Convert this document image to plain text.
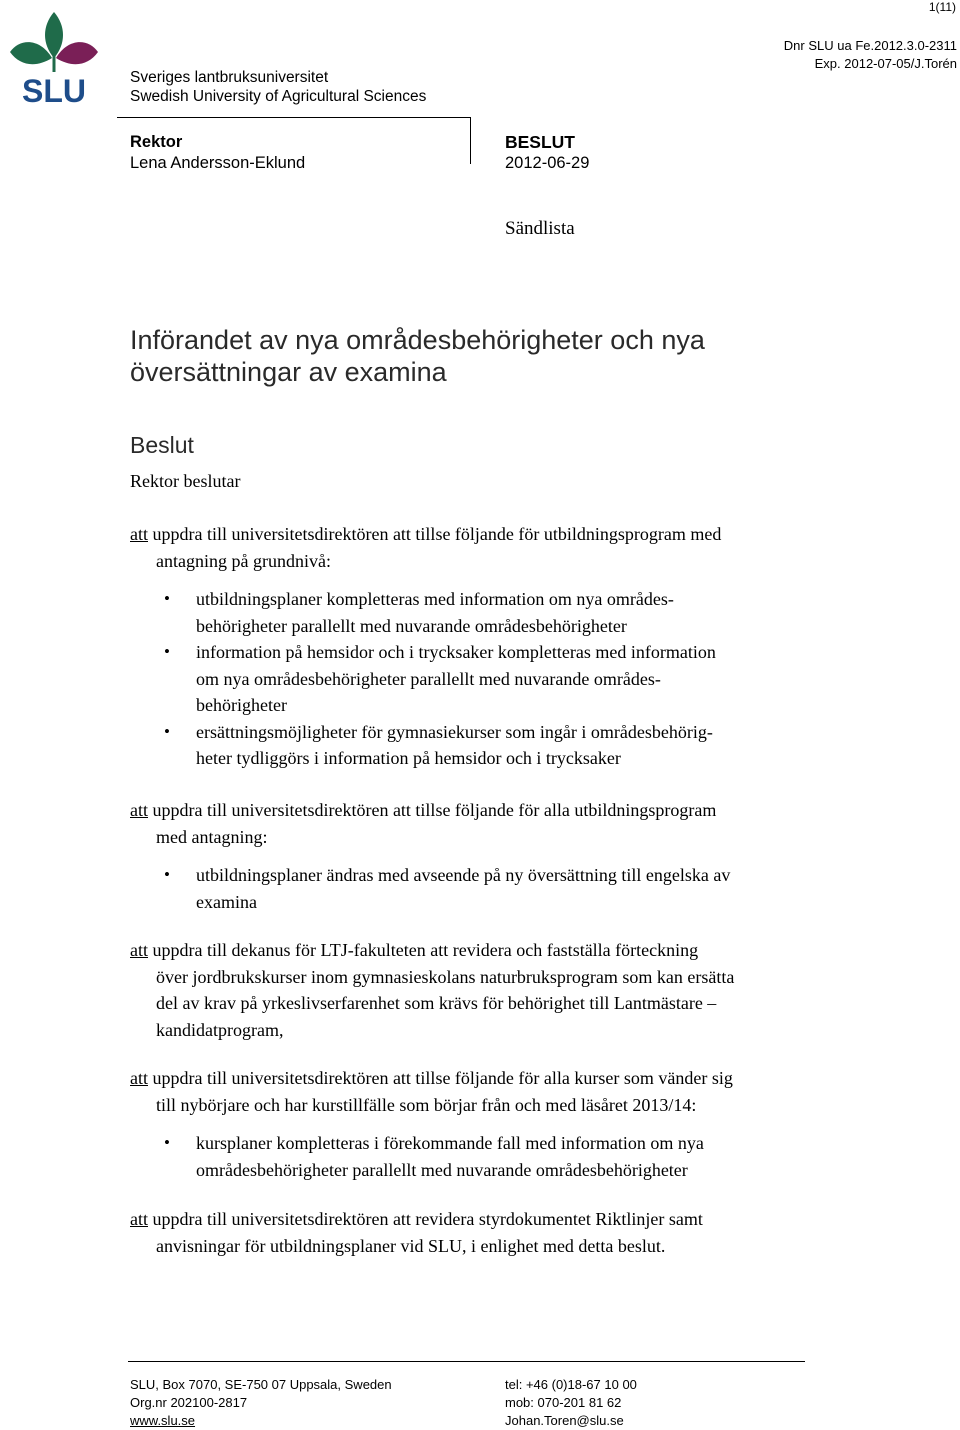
1(11)
Dnr SLU ua Fe.2012.3.0-2311
Exp. 2012-07-05/J.Torén
SLU	Sveriges lantbruksuniversitet
Swedish University of Agricultural Sciences
Rektor
Lena Andersson-Eklund
BESLUT
2012-06-29
Sändlista
Införandet av nya områdesbehörigheter och nya
översättningar av examina
Beslut
Rektor beslutar
att uppdra till universitetsdirektören att tillse följande för utbildningsprogram med
antagning på grundnivå:
• utbildningsplaner kompletteras med information om nya områdes-
behörigheter parallellt med nuvarande områdesbehörigheter
• information på hemsidor och i trycksaker kompletteras med information
om nya områdesbehörigheter parallellt med nuvarande områdes-
behörigheter
• ersättningsmöjligheter för gymnasiekurser som ingår i områdesbehörig-
heter tydliggörs i information på hemsidor och i trycksaker
att uppdra till universitetsdirektören att tillse följande för alla utbildningsprogram
med antagning:
• utbildningsplaner ändras med avseende på ny översättning till engelska av
examina
att uppdra till dekanus för LTJ-fakulteten att revidera och fastställa förteckning
över jordbrukskurser inom gymnasieskolans naturbruksprogram som kan ersätta
del av krav på yrkeslivserfarenhet som krävs för behörighet till Lantmästare –
kandidatprogram,
att uppdra till universitetsdirektören att tillse följande för alla kurser som vänder sig
till nybörjare och har kurstillfälle som börjar från och med läsåret 2013/14:
• kursplaner kompletteras i förekommande fall med information om nya
områdesbehörigheter parallellt med nuvarande områdesbehörigheter
att uppdra till universitetsdirektören att revidera styrdokumentet Riktlinjer samt
anvisningar för utbildningsplaner vid SLU, i enlighet med detta beslut.
SLU, Box 7070, SE-750 07 Uppsala, Sweden
Org.nr 202100-2817
www.slu.se
tel: +46 (0)18-67 10 00
mob: 070-201 81 62
Johan.Toren@slu.se
